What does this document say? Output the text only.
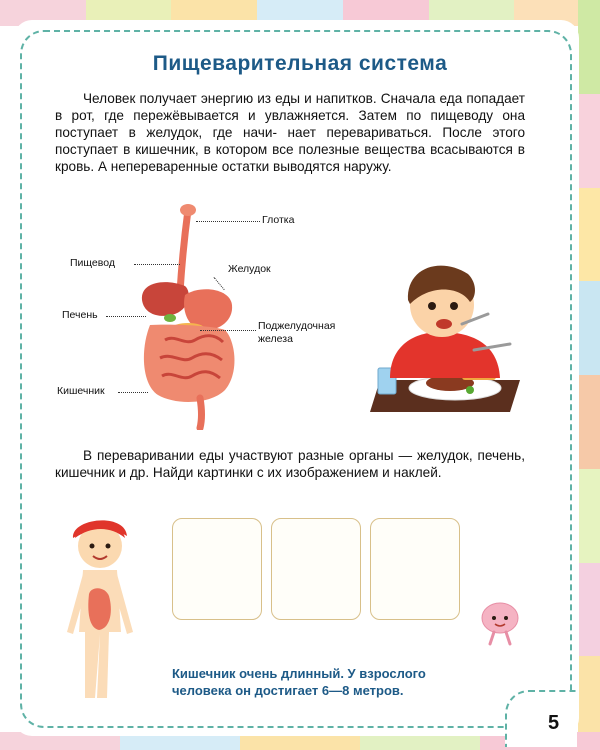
Пищеварительная система
Человек получает энергию из еды и напитков. Сначала еда попадает в рот, где пережёвывается и увлажняется. Затем по пищеводу она поступает в желудок, где начи- нает перевариваться. После этого поступает в кишечник, в котором все полезные вещества всасываются в кровь. А непереваренные остатки выводятся наружу.
Глотка
Пищевод	Желудок
Печень
Поджелудочная
железа
Кишечник
В переваривании еды участвуют разные органы — желудок, печень, кишечник и др. Найди картинки с их изображением и наклей.
Кишечник очень длинный. У взрослого
человека он достигает 6—8 метров.
5
